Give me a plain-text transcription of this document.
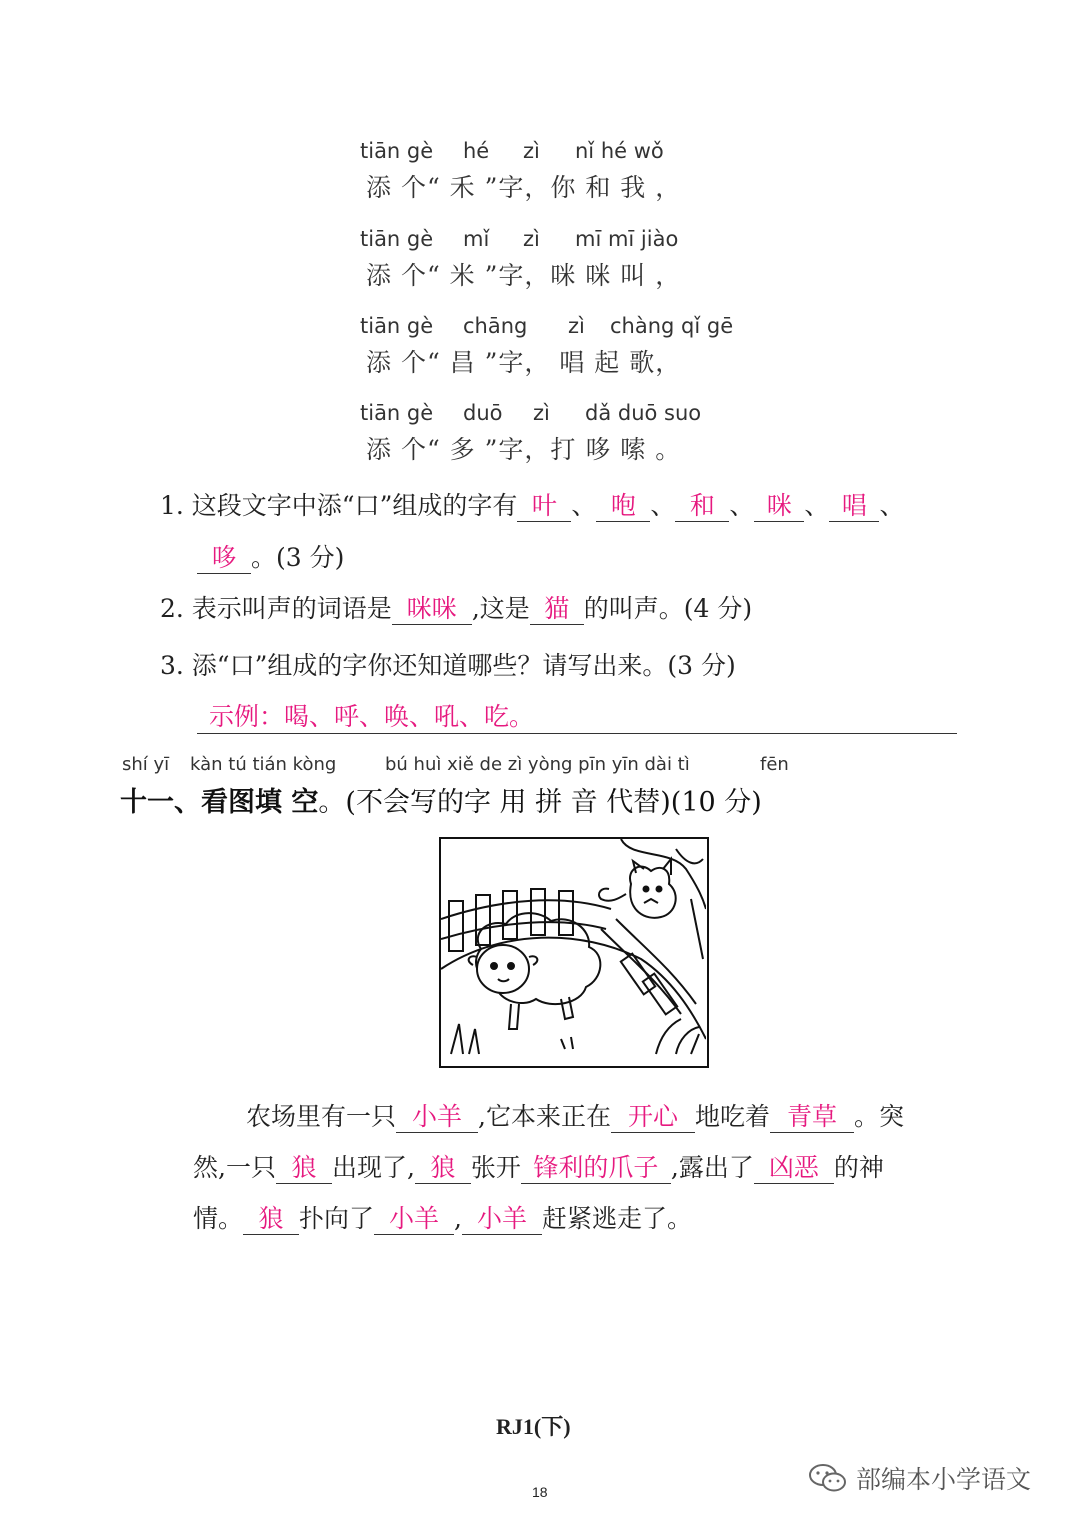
tiān gè hé zì nǐ hé wǒ
添 个“ 禾 ”字，你 和 我 ，
tiān gè mǐ zì mī mī jiào
添 个“ 米 ”字，咪 咪 叫 ，
tiān gè chāng zì chàng qǐ gē
添 个“ 昌 ”字， 唱 起 歌，
tiān gè duō zì dǎ duō suo
添 个“ 多 ”字，打 哆 嗦 。
1. 这段文字中添“口”组成的字有 叶 、 咆 、 和 、 咪 、 唱 、
哆 。(3 分)
2. 表示叫声的词语是 咪咪 ,这是 猫 的叫声。(4 分)
3. 添“口”组成的字你还知道哪些？请写出来。(3 分)
示例：喝、呼、唤、吼、吃。
shí yī kàn tú tián kòng	bú huì xiě de zì yòng pīn yīn dài tì	fēn
十一、看图填 空。(不会写的字 用 拼 音 代替)(10 分)
农场里有一只 小羊 ,它本来正在 开心 地吃着 青草 。突
然,一只 狼 出现了, 狼 张开 锋利的爪子 ,露出了 凶恶 的神
情。 狼 扑向了 小羊 , 小羊 赶紧逃走了。
RJ1(下)
18	部编本小学语文
